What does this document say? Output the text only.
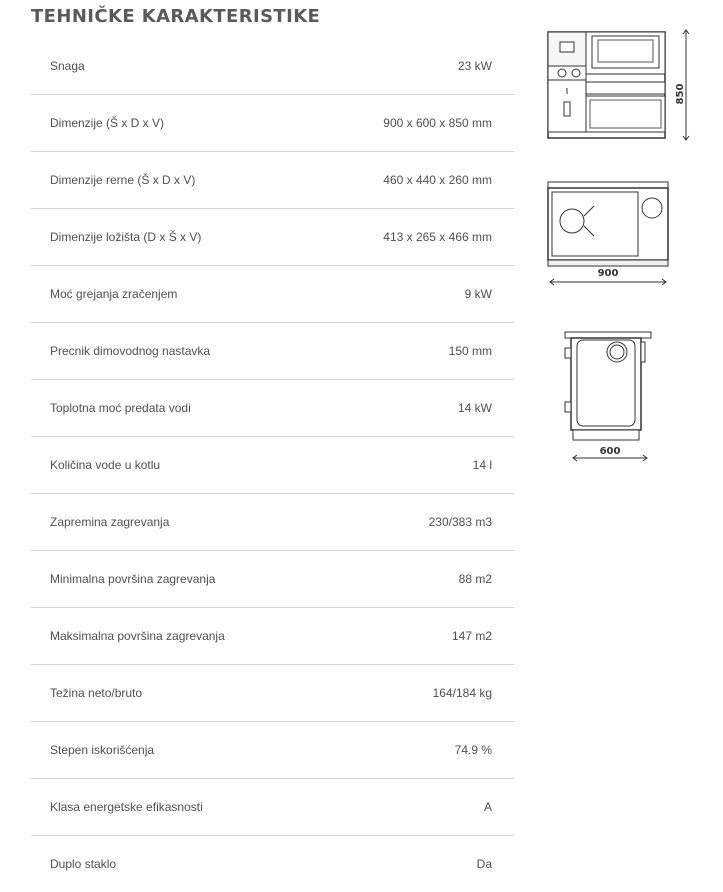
TEHNIČKE KARAKTERISTIKE
Snaga	23 kW
Dimenzije (Š x D x V)	900 x 600 x 850 mm
Dimenzije rerne (Š x D x V)	460 x 440 x 260 mm
Dimenzije ložišta (D x Š x V)	413 x 265 x 466 mm
Moć grejanja zračenjem	9 kW
Precnik dimovodnog nastavka	150 mm
Toplotna moć predata vodi	14 kW
Količina vode u kotlu	14 l
Zapremina zagrevanja	230/383 m3
Minimalna površina zagrevanja	88 m2
Maksimalna površina zagrevanja	147 m2
Težina neto/bruto	164/184 kg
Stepen iskorišćenja	74.9 %
Klasa energetske efikasnosti	A
Duplo staklo	Da
850
900
600
